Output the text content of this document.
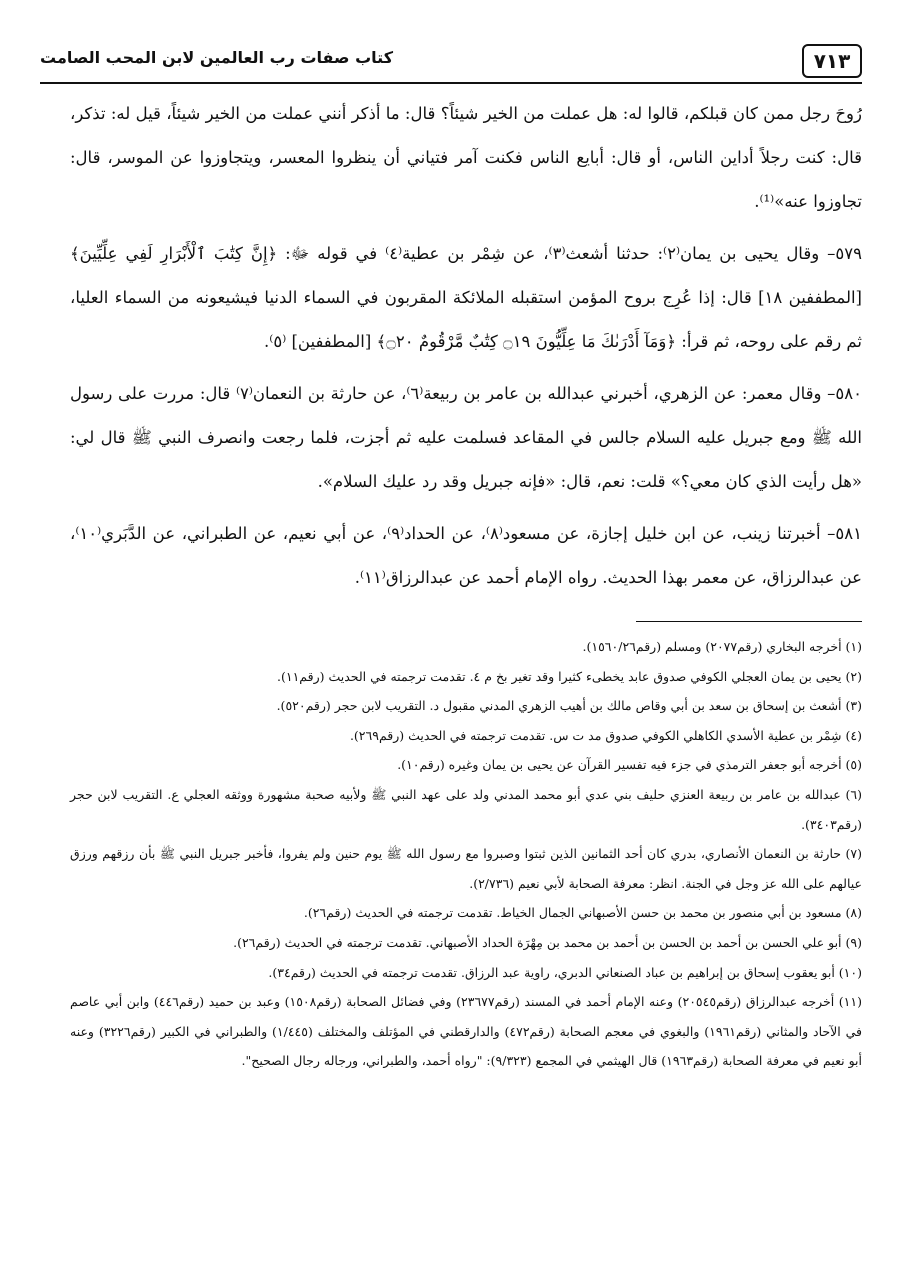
٧١٣
كتاب صفات رب العالمين لابن المحب الصامت

رُوحَ رجل ممن كان قبلكم، قالوا له: هل عملت من الخير شيئاً؟ قال: ما أذكر أنني عملت من الخير شيئاً، قيل له: تذكر، قال: كنت رجلاً أداين الناس، أو قال: أبايع الناس فكنت آمر فتياني أن ينظروا المعسر، ويتجاوزوا عن الموسر، قال: تجاوزوا عنه»⁽¹⁾.

٥٧٩– وقال يحيى بن يمان⁽٢⁾: حدثنا أشعث⁽٣⁾، عن شِمْر بن عطية⁽٤⁾ في قوله ﷻ: ﴿إِنَّ كِتَٰبَ ٱلْأَبْرَارِ لَفِي عِلِّيِّينَ﴾ [المطففين ١٨] قال: إذا عُرِج بروح المؤمن استقبله الملائكة المقربون في السماء الدنيا فيشيعونه من السماء العليا، ثم رقم على روحه، ثم قرأ: ﴿وَمَآ أَدْرَىٰكَ مَا عِلِّيُّونَ ۝١٩ كِتَٰبٌ مَّرْقُومٌ ۝٢٠﴾ [المطففين] ⁽٥⁾.

٥٨٠– وقال معمر: عن الزهري، أخبرني عبدالله بن عامر بن ربيعة⁽٦⁾، عن حارثة بن النعمان⁽٧⁾ قال: مررت على رسول الله ﷺ ومع جبريل عليه السلام جالس في المقاعد فسلمت عليه ثم أجزت، فلما رجعت وانصرف النبي ﷺ قال لي: «هل رأيت الذي كان معي؟» قلت: نعم، قال: «فإنه جبريل وقد رد عليك السلام».

٥٨١– أخبرتنا زينب، عن ابن خليل إجازة، عن مسعود⁽٨⁾، عن الحداد⁽٩⁾، عن أبي نعيم، عن الطبراني، عن الدَّبَري⁽١٠⁾، عن عبدالرزاق، عن معمر بهذا الحديث. رواه الإمام أحمد عن عبدالرزاق⁽١١⁾.

(١) أخرجه البخاري (رقم٢٠٧٧) ومسلم (رقم١٥٦٠/٢٦).

(٢) يحيى بن يمان العجلي الكوفي صدوق عابد يخطىء كثيرا وقد تغير بخ م ٤. تقدمت ترجمته في الحديث (رقم١١).

(٣) أشعث بن إسحاق بن سعد بن أبي وقاص مالك بن أهيب الزهري المدني مقبول د. التقريب لابن حجر (رقم٥٢٠).

(٤) شِمْر بن عطية الأسدي الكاهلي الكوفي صدوق مد ت س. تقدمت ترجمته في الحديث (رقم٢٦٩).

(٥) أخرجه أبو جعفر الترمذي في جزء فيه تفسير القرآن عن يحيى بن يمان وغيره (رقم١٠).

(٦) عبدالله بن عامر بن ربيعة العنزي حليف بني عدي أبو محمد المدني ولد على عهد النبي ﷺ ولأبيه صحبة مشهورة ووثقه العجلي ع. التقريب لابن حجر (رقم٣٤٠٣).

(٧) حارثة بن النعمان الأنصاري، بدري كان أحد الثمانين الذين ثبتوا وصبروا مع رسول الله ﷺ يوم حنين ولم يفروا، فأخبر جبريل النبي ﷺ بأن رزقهم ورزق عيالهم على الله عز وجل في الجنة. انظر: معرفة الصحابة لأبي نعيم (٢/٧٣٦).

(٨) مسعود بن أبي منصور بن محمد بن حسن الأصبهاني الجمال الخياط. تقدمت ترجمته في الحديث (رقم٢٦).

(٩) أبو علي الحسن بن أحمد بن الحسن بن أحمد بن محمد بن مِهْرَة الحداد الأصبهاني. تقدمت ترجمته في الحديث (رقم٢٦).

(١٠) أبو يعقوب إسحاق بن إبراهيم بن عباد الصنعاني الدبري، راوية عبد الرزاق. تقدمت ترجمته في الحديث (رقم٣٤).

(١١) أخرجه عبدالرزاق (رقم٢٠٥٤٥) وعنه الإمام أحمد في المسند (رقم٢٣٦٧٧) وفي فضائل الصحابة (رقم١٥٠٨) وعبد بن حميد (رقم٤٤٦) وابن أبي عاصم في الآحاد والمثاني (رقم١٩٦١) والبغوي في معجم الصحابة (رقم٤٧٢) والدارقطني في المؤتلف والمختلف (١/٤٤٥) والطبراني في الكبير (رقم٣٢٢٦) وعنه أبو نعيم في معرفة الصحابة (رقم١٩٦٣) قال الهيثمي في المجمع (٩/٣٢٣): "رواه أحمد، والطبراني، ورجاله رجال الصحيح".
